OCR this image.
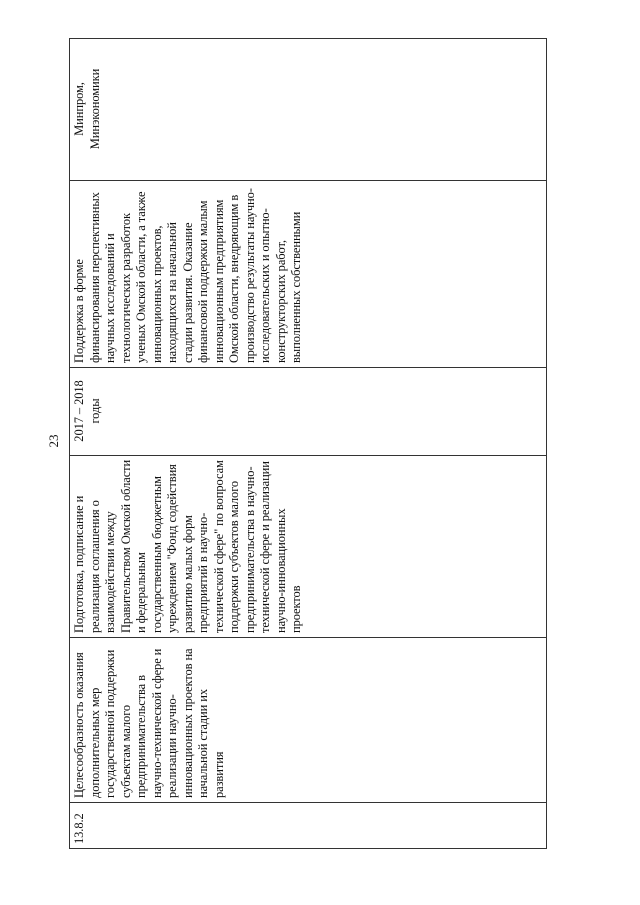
23
13.8.2	Целесообразность оказания дополнительных мер государственной поддержки субъектам малого предпринимательства в научно-технической сфере и реализации научно-инновационных проектов на начальной стадии их развития	Подготовка, подписание и реализация соглашения о взаимодействии между Правительством Омской области и федеральным государственным бюджетным учреждением "Фонд содействия развитию малых форм предприятий в научно-технической сфере" по вопросам поддержки субъектов малого предпринимательства в научно-технической сфере и реализации научно-инновационных проектов	2017 – 2018 годы	Поддержка в форме финансирования перспективных научных исследований и технологических разработок ученых Омской области, а также инновационных проектов, находящихся на начальной стадии развития. Оказание финансовой поддержки малым инновационным предприятиям Омской области, внедряющим в производство результаты научно-исследовательских и опытно-конструкторских работ, выполненных собственными	Минпром, Минэкономики
